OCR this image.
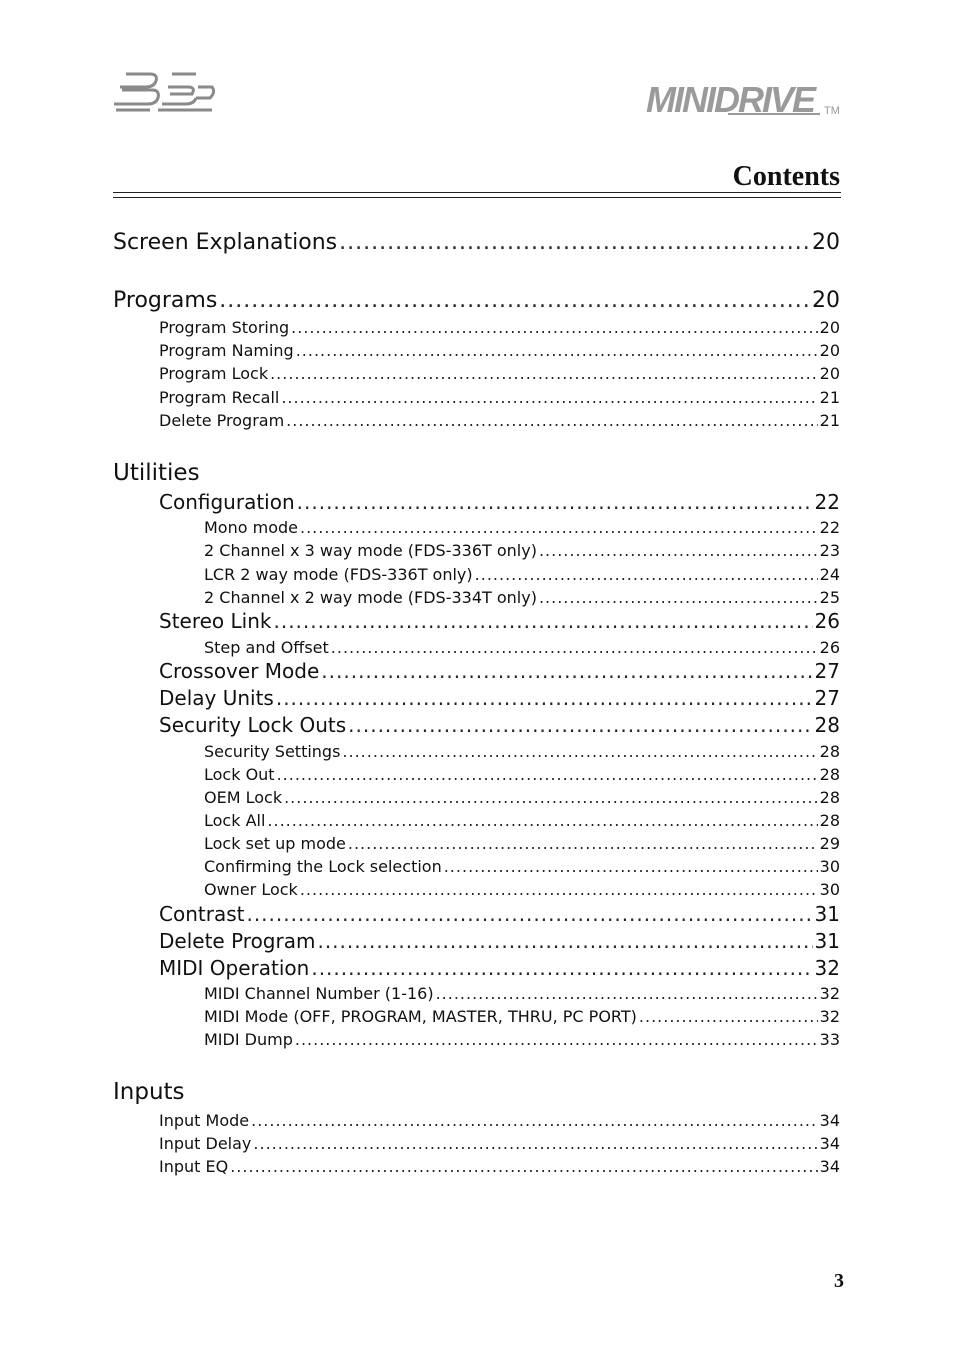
MINIDRIVE TM
Contents
Screen Explanations .....	20
Programs .....	20
Program Storing .....	20
Program Naming .....	20
Program Lock .....	20
Program Recall .....	21
Delete Program .....	21
Configuration .....	22
Mono mode .....	22
2 Channel x 3 way mode (FDS-336T only) .....	23
LCR 2 way mode (FDS-336T only) .....	24
2 Channel x 2 way mode (FDS-334T only) .....	25
Stereo Link .....	26
Step and Offset .....	26
Crossover Mode .....	27
Delay Units .....	27
Security Lock Outs .....	28
Security Settings .....	28
Lock Out .....	28
OEM Lock .....	28
Lock All .....	28
Lock set up mode .....	29
Confirming the Lock selection .....	30
Owner Lock .....	30
Contrast .....	31
Delete Program .....	31
MIDI Operation .....	32
MIDI Channel Number (1-16) .....	32
MIDI Mode (OFF, PROGRAM, MASTER, THRU, PC PORT) .....	32
MIDI Dump .....	33
Input Mode .....	34
Input Delay .....	34
Input EQ .....	34
Utilities
Inputs
3
